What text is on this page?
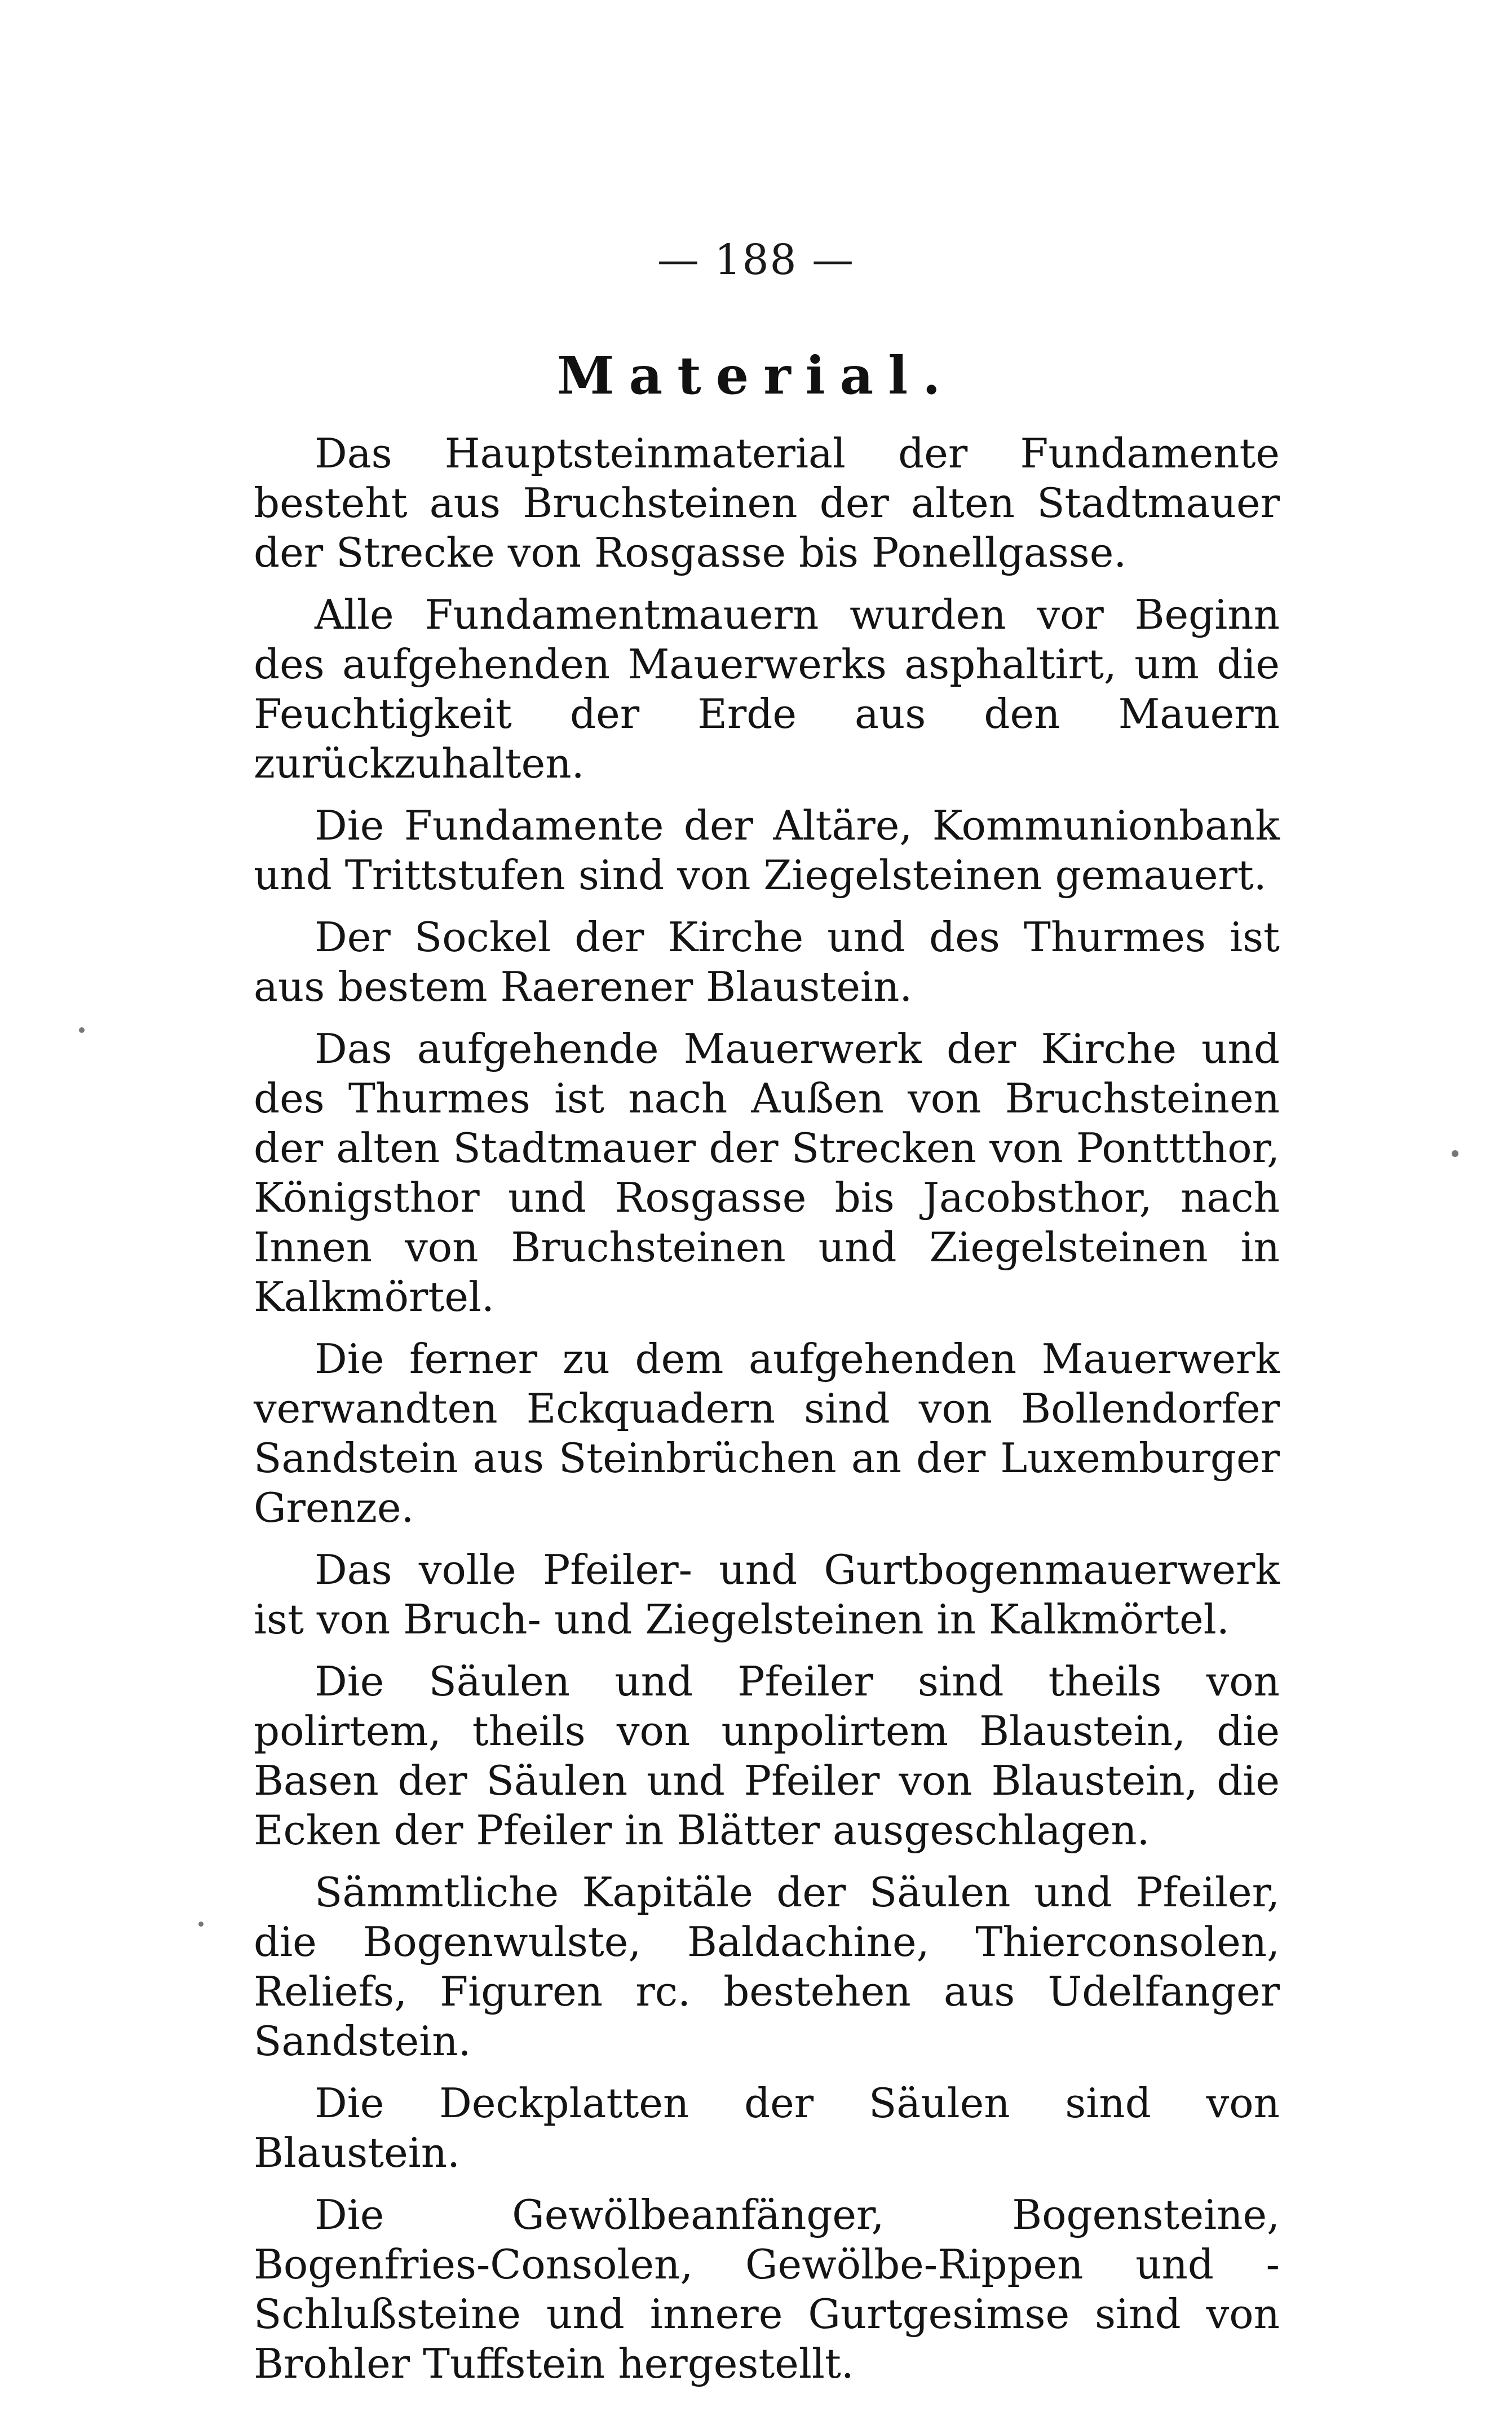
— 188 —
Material.

Das Hauptsteinmaterial der Fundamente besteht aus Bruchsteinen der alten Stadtmauer der Strecke von Rosgasse bis Ponellgasse.

Alle Fundamentmauern wurden vor Beginn des aufgehenden Mauerwerks asphaltirt, um die Feuchtigkeit der Erde aus den Mauern zurückzuhalten.

Die Fundamente der Altäre, Kommunionbank und Trittstufen sind von Ziegelsteinen gemauert.

Der Sockel der Kirche und des Thurmes ist aus bestem Raerener Blaustein.

Das aufgehende Mauerwerk der Kirche und des Thurmes ist nach Außen von Bruchsteinen der alten Stadtmauer der Strecken von Ponttthor, Königsthor und Rosgasse bis Jacobsthor, nach Innen von Bruchsteinen und Ziegelsteinen in Kalkmörtel.

Die ferner zu dem aufgehenden Mauerwerk verwandten Eckquadern sind von Bollendorfer Sandstein aus Steinbrüchen an der Luxemburger Grenze.

Das volle Pfeiler- und Gurtbogenmauerwerk ist von Bruch- und Ziegelsteinen in Kalkmörtel.

Die Säulen und Pfeiler sind theils von polirtem, theils von unpolirtem Blaustein, die Basen der Säulen und Pfeiler von Blaustein, die Ecken der Pfeiler in Blätter ausgeschlagen.

Sämmtliche Kapitäle der Säulen und Pfeiler, die Bogenwulste, Baldachine, Thierconsolen, Reliefs, Figuren rc. bestehen aus Udelfanger Sandstein.

Die Deckplatten der Säulen sind von Blaustein.

Die Gewölbeanfänger, Bogensteine, Bogenfries-Consolen, Gewölbe-Rippen und -Schlußsteine und innere Gurtgesimse sind von Brohler Tuffstein hergestellt.
